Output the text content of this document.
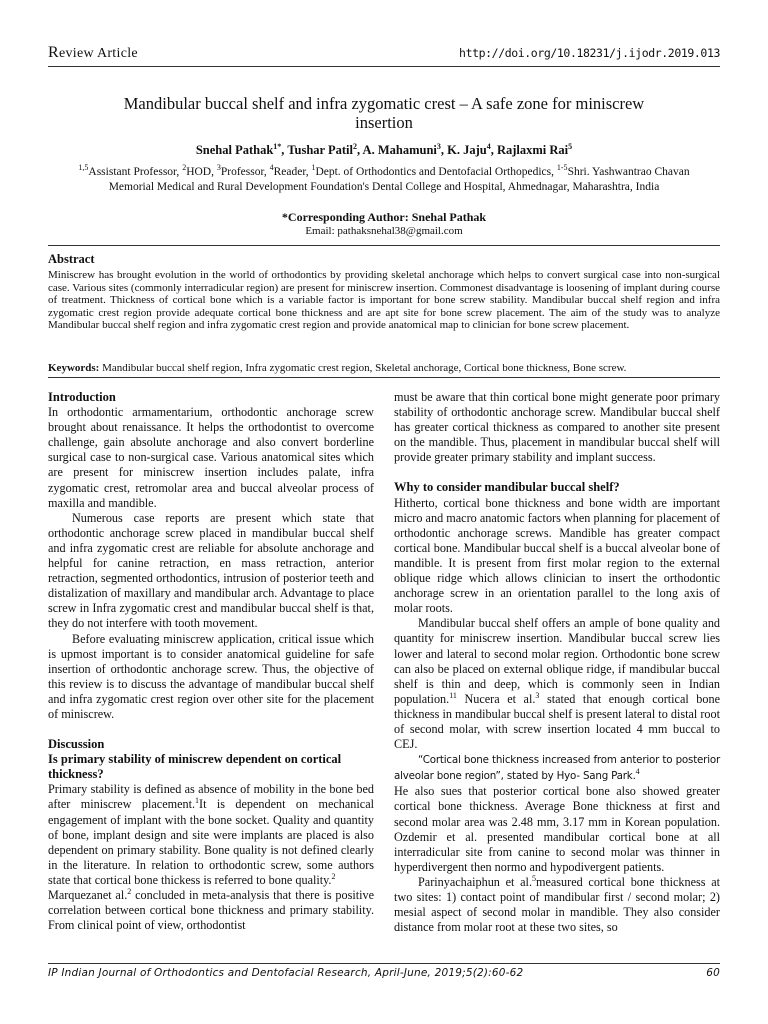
Review Article	http://doi.org/10.18231/j.ijodr.2019.013
Mandibular buccal shelf and infra zygomatic crest – A safe zone for miniscrew
insertion
Snehal Pathak$^{1*}$, Tushar Patil$^2$, A. Mahamuni$^3$, K. Jaju$^4$, Rajlaxmi Rai$^5$
$^{1,5}$Assistant Professor, $^2$HOD, $^3$Professor, $^4$Reader, $^1$Dept. of Orthodontics and Dentofacial Orthopedics, $^{1-5}$Shri. Yashwantrao Chavan
Memorial Medical and Rural Development Foundation's Dental College and Hospital, Ahmednagar, Maharashtra, India
*Corresponding Author: Snehal Pathak
Email: pathaksnehal38@gmail.com
Abstract

Miniscrew has brought evolution in the world of orthodontics by providing skeletal anchorage which helps to convert surgical case into non-surgical case. Various sites (commonly interradicular region) are present for miniscrew insertion. Commonest disadvantage is loosening of implant during course of treatment. Thickness of cortical bone which is a variable factor is important for bone screw stability. Mandibular buccal shelf region and infra zygomatic crest region provide adequate cortical bone thickness and are apt site for bone screw placement. The aim of the study was to analyze Mandibular buccal shelf region and infra zygomatic crest region and provide anatomical map to clinician for bone screw placement.

Keywords: Mandibular buccal shelf region, Infra zygomatic crest region, Skeletal anchorage, Cortical bone thickness, Bone screw.
Introduction

In orthodontic armamentarium, orthodontic anchorage screw brought about renaissance. It helps the orthodontist to overcome challenge, gain absolute anchorage and also convert borderline surgical case to non-surgical case. Various anatomical sites which are present for miniscrew insertion includes palate, infra zygomatic crest, retromolar area and buccal alveolar process of maxilla and mandible.

Numerous case reports are present which state that orthodontic anchorage screw placed in mandibular buccal shelf and infra zygomatic crest are reliable for absolute anchorage and helpful for canine retraction, en mass retraction, anterior retraction, segmented orthodontics, intrusion of posterior teeth and distalization of maxillary and mandibular arch. Advantage to place screw in Infra zygomatic crest and mandibular buccal shelf is that, they do not interfere with tooth movement.

Before evaluating miniscrew application, critical issue which is upmost important is to consider anatomical guideline for safe insertion of orthodontic anchorage screw. Thus, the objective of this review is to discuss the advantage of mandibular buccal shelf and infra zygomatic crest region over other site for the placement of miniscrew.

Discussion
Is primary stability of miniscrew dependent on cortical thickness?

Primary stability is defined as absence of mobility in the bone bed after miniscrew placement.$^1$It is dependent on mechanical engagement of implant with the bone socket. Quality and quantity of bone, implant design and site were implants are placed is also dependent on primary stability. Bone quality is not defined clearly in the literature. In relation to orthodontic screw, some authors state that cortical bone thickess is referred to bone quality.$^2$

Marquezanet al.$^2$ concluded in meta-analysis that there is positive correlation between cortical bone thickness and primary stability. From clinical point of view, orthodontist

must be aware that thin cortical bone might generate poor primary stability of orthodontic anchorage screw. Mandibular buccal shelf has greater cortical thickness as compared to another site present on the mandible. Thus, placement in mandibular buccal shelf will provide greater primary stability and implant success.

Why to consider mandibular buccal shelf?

Hitherto, cortical bone thickness and bone width are important micro and macro anatomic factors when planning for placement of orthodontic anchorage screws. Mandible has greater compact cortical bone. Mandibular buccal shelf is a buccal alveolar bone of mandible. It is present from first molar region to the external oblique ridge which allows clinician to insert the orthodontic anchorage screw in an orientation parallel to the long axis of molar roots.

Mandibular buccal shelf offers an ample of bone quality and quantity for miniscrew insertion. Mandibular buccal screw lies lower and lateral to second molar region. Orthodontic bone screw can also be placed on external oblique ridge, if mandibular buccal shelf is thin and deep, which is commonly seen in Indian population.$^{11}$ Nucera et al.$^3$ stated that enough cortical bone thickness in mandibular buccal shelf is present lateral to distal root of second molar, with screw insertion located 4 mm buccal to CEJ.

“Cortical bone thickness increased from anterior to posterior alveolar bone region”, stated by Hyo- Sang Park.$^4$

He also sues that posterior cortical bone also showed greater cortical bone thickness. Average Bone thickness at first and second molar area was 2.48 mm, 3.17 mm in Korean population. Ozdemir et al. presented mandibular cortical bone at all interradicular site from canine to second molar was thinner in hyperdivergent then normo and hypodivergent patients.

Parinyachaiphun et al.$^5$measured cortical bone thickness at two sites: 1) contact point of mandibular first / second molar; 2) mesial aspect of second molar in mandible. They also consider distance from molar root at these two sites, so

IP Indian Journal of Orthodontics and Dentofacial Research, April-June, 2019;5(2):60-62	60
